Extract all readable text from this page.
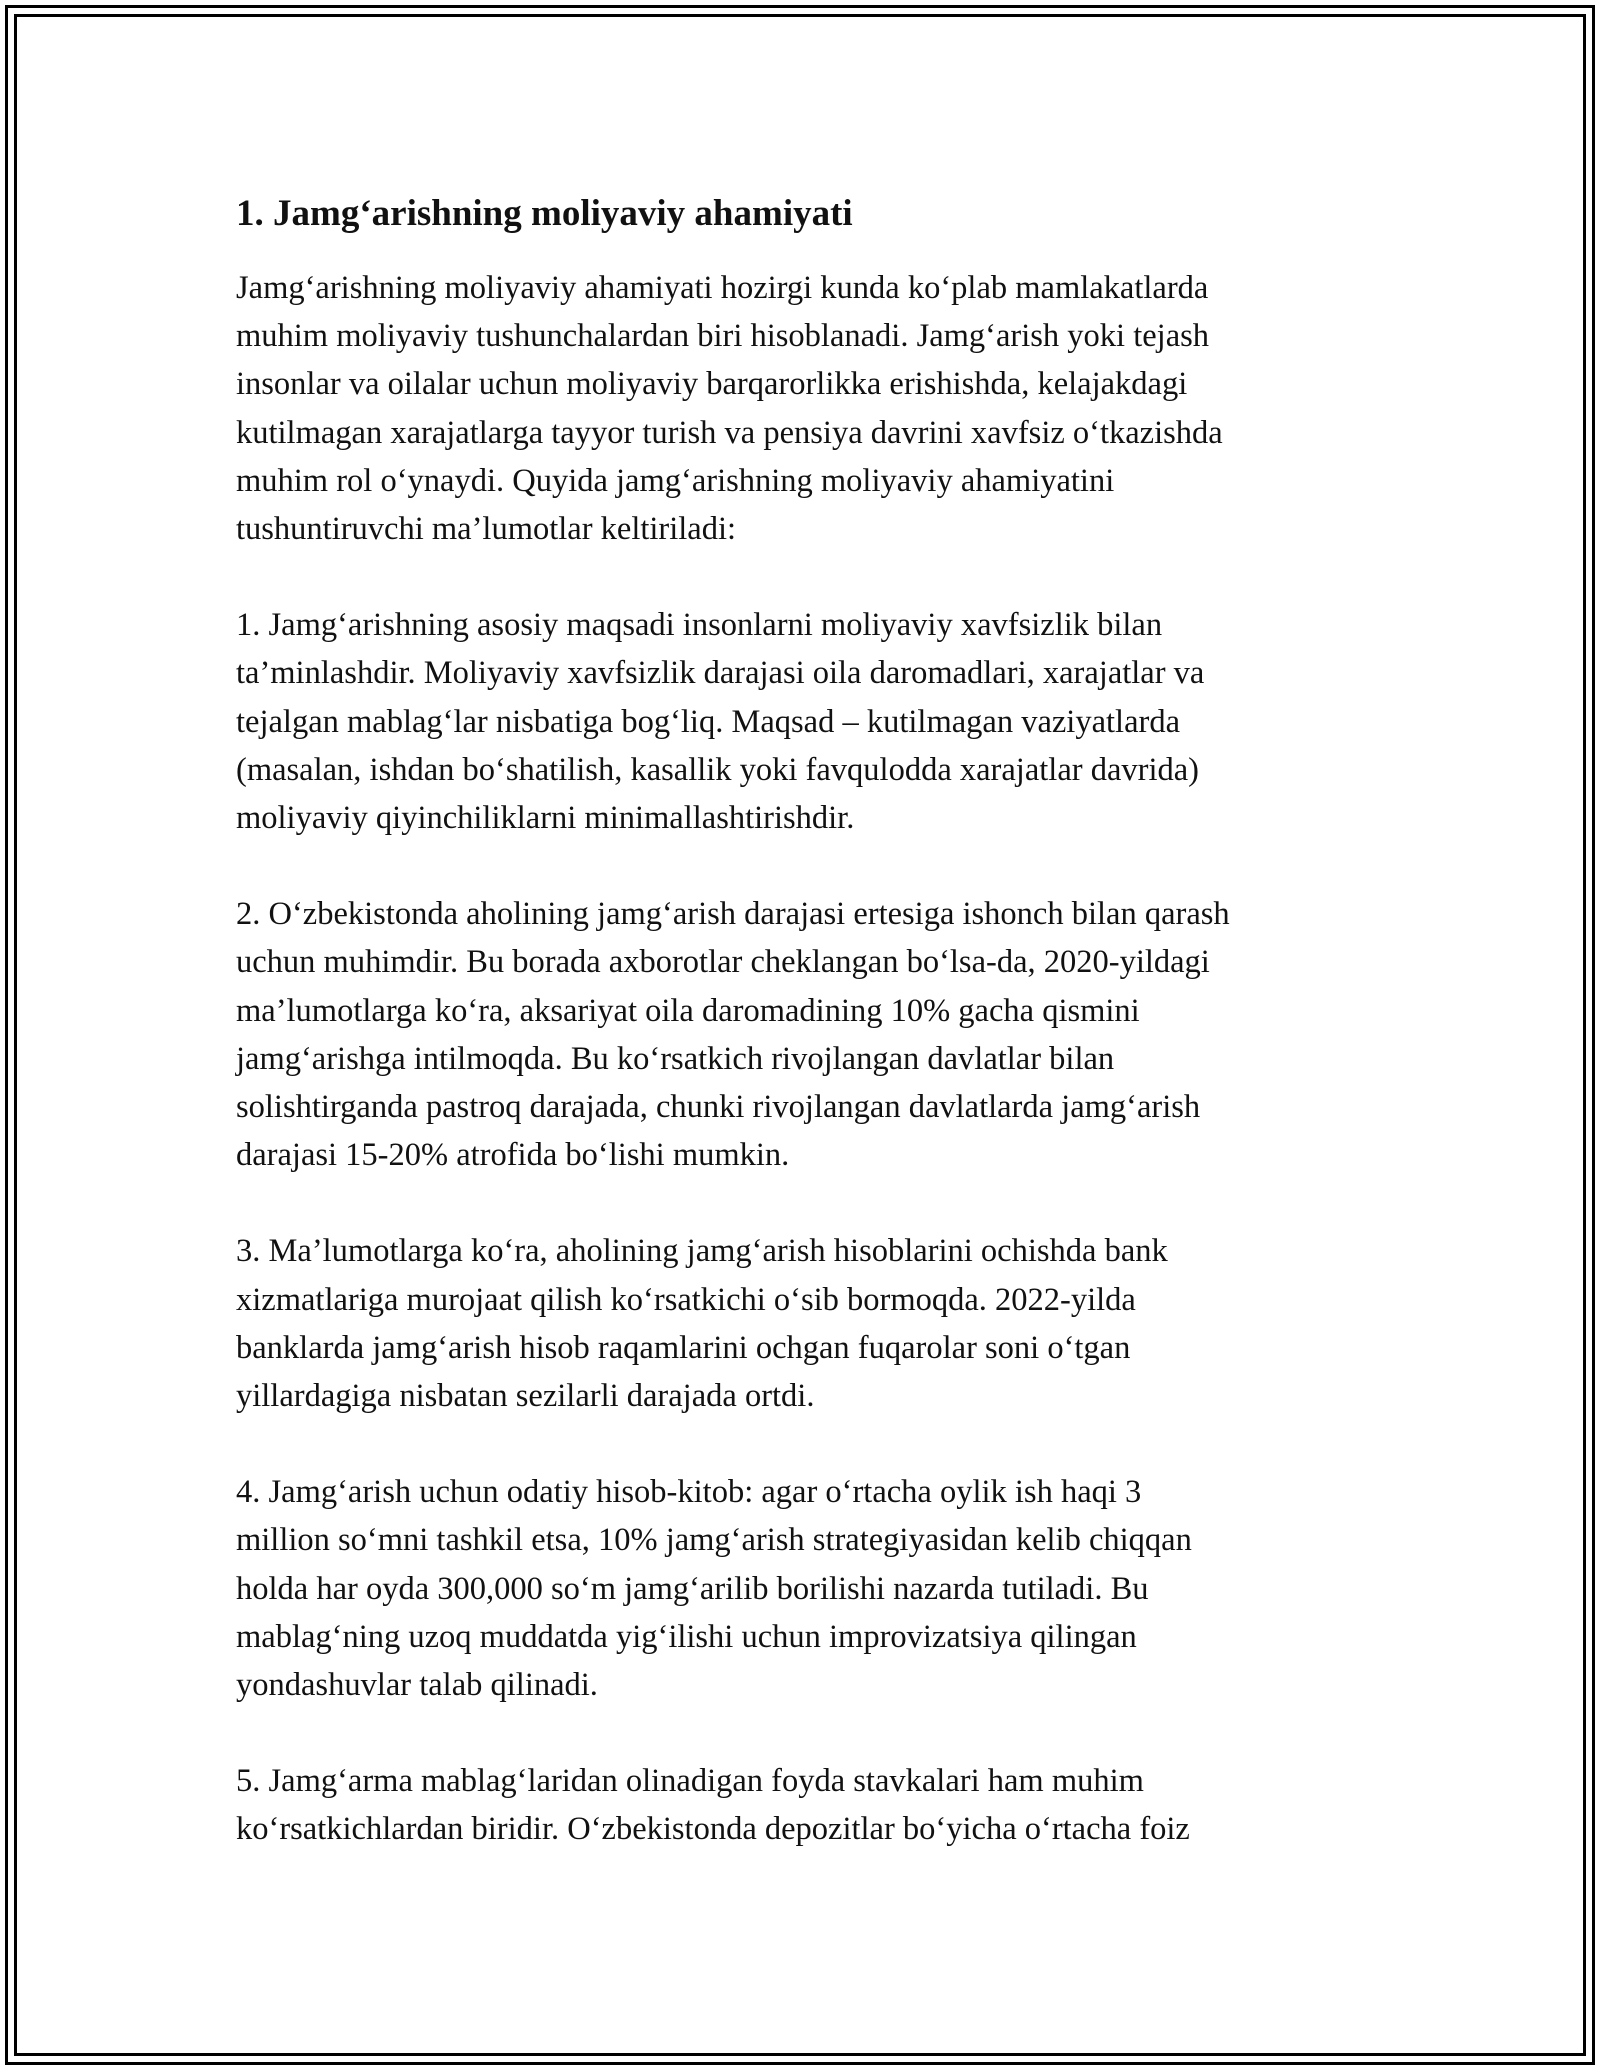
1. Jamg‘arishning moliyaviy ahamiyati

Jamg‘arishning moliyaviy ahamiyati hozirgi kunda ko‘plab mamlakatlarda
muhim moliyaviy tushunchalardan biri hisoblanadi. Jamg‘arish yoki tejash
insonlar va oilalar uchun moliyaviy barqarorlikka erishishda, kelajakdagi
kutilmagan xarajatlarga tayyor turish va pensiya davrini xavfsiz o‘tkazishda
muhim rol o‘ynaydi. Quyida jamg‘arishning moliyaviy ahamiyatini
tushuntiruvchi ma’lumotlar keltiriladi:

1. Jamg‘arishning asosiy maqsadi insonlarni moliyaviy xavfsizlik bilan
ta’minlashdir. Moliyaviy xavfsizlik darajasi oila daromadlari, xarajatlar va
tejalgan mablag‘lar nisbatiga bog‘liq. Maqsad – kutilmagan vaziyatlarda
(masalan, ishdan bo‘shatilish, kasallik yoki favqulodda xarajatlar davrida)
moliyaviy qiyinchiliklarni minimallashtirishdir.

2. O‘zbekistonda aholining jamg‘arish darajasi ertesiga ishonch bilan qarash
uchun muhimdir. Bu borada axborotlar cheklangan bo‘lsa-da, 2020-yildagi
ma’lumotlarga ko‘ra, aksariyat oila daromadining 10% gacha qismini
jamg‘arishga intilmoqda. Bu ko‘rsatkich rivojlangan davlatlar bilan
solishtirganda pastroq darajada, chunki rivojlangan davlatlarda jamg‘arish
darajasi 15-20% atrofida bo‘lishi mumkin.

3. Ma’lumotlarga ko‘ra, aholining jamg‘arish hisoblarini ochishda bank
xizmatlariga murojaat qilish ko‘rsatkichi o‘sib bormoqda. 2022-yilda
banklarda jamg‘arish hisob raqamlarini ochgan fuqarolar soni o‘tgan
yillardagiga nisbatan sezilarli darajada ortdi.

4. Jamg‘arish uchun odatiy hisob-kitob: agar o‘rtacha oylik ish haqi 3
million so‘mni tashkil etsa, 10% jamg‘arish strategiyasidan kelib chiqqan
holda har oyda 300,000 so‘m jamg‘arilib borilishi nazarda tutiladi. Bu
mablag‘ning uzoq muddatda yig‘ilishi uchun improvizatsiya qilingan
yondashuvlar talab qilinadi.

5. Jamg‘arma mablag‘laridan olinadigan foyda stavkalari ham muhim
ko‘rsatkichlardan biridir. O‘zbekistonda depozitlar bo‘yicha o‘rtacha foiz
